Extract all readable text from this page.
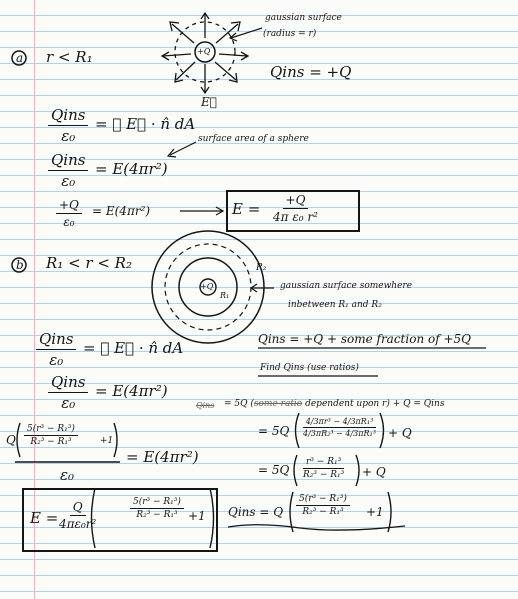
a r < R₁	+Q
gaussian surface
(radius = r)
E⃗
Qins = +Q
Qins
ε₀
= ∮ E⃗ · n̂ dA
surface area of a sphere
Qins
ε₀
= E(4πr²)
$\frac{+Q}{\text{ε₀}} = E(4\pi r^2)$	$E = \frac{+Q}{\text{4π ε₀ r²}}$
b R₁ < r < R₂	R₂
R₁
+Q	gaussian surface somewhere
inbetween R₁ and R₂
Qins
ε₀
= ∮ E⃗ · n̂ dA	Qins = +Q + some fraction of +5Q
Find Qins (use ratios)
Qins
ε₀
= E(4πr²)
Qins = 5Q (some ratio dependent upon r) + Q = Qins
= $5Q \frac{\text{4/3πr³ − 4/3πR₁³}}{\text{4/3πR₂³ − 4/3πR₁³}} + Q$
= $5Q \frac{\text{r³ − R₁³}}{\text{R₂³ − R₁³}} + Q$
Q $\frac{\text{5(r³ − R₁³)}}{\text{R₂³ − R₁³}} +1$
ε₀
= E(4πr²)
E =
$\frac{Q}{\text{4πε₀r²}}$	$\frac{\text{5(r³ − R₁³)}}{\text{R₂³ − R₁³}} +1$ Qins = Q $\frac{\text{5(r³ − R₁³)}}{\text{R₂³ − R₁³}} +1$
